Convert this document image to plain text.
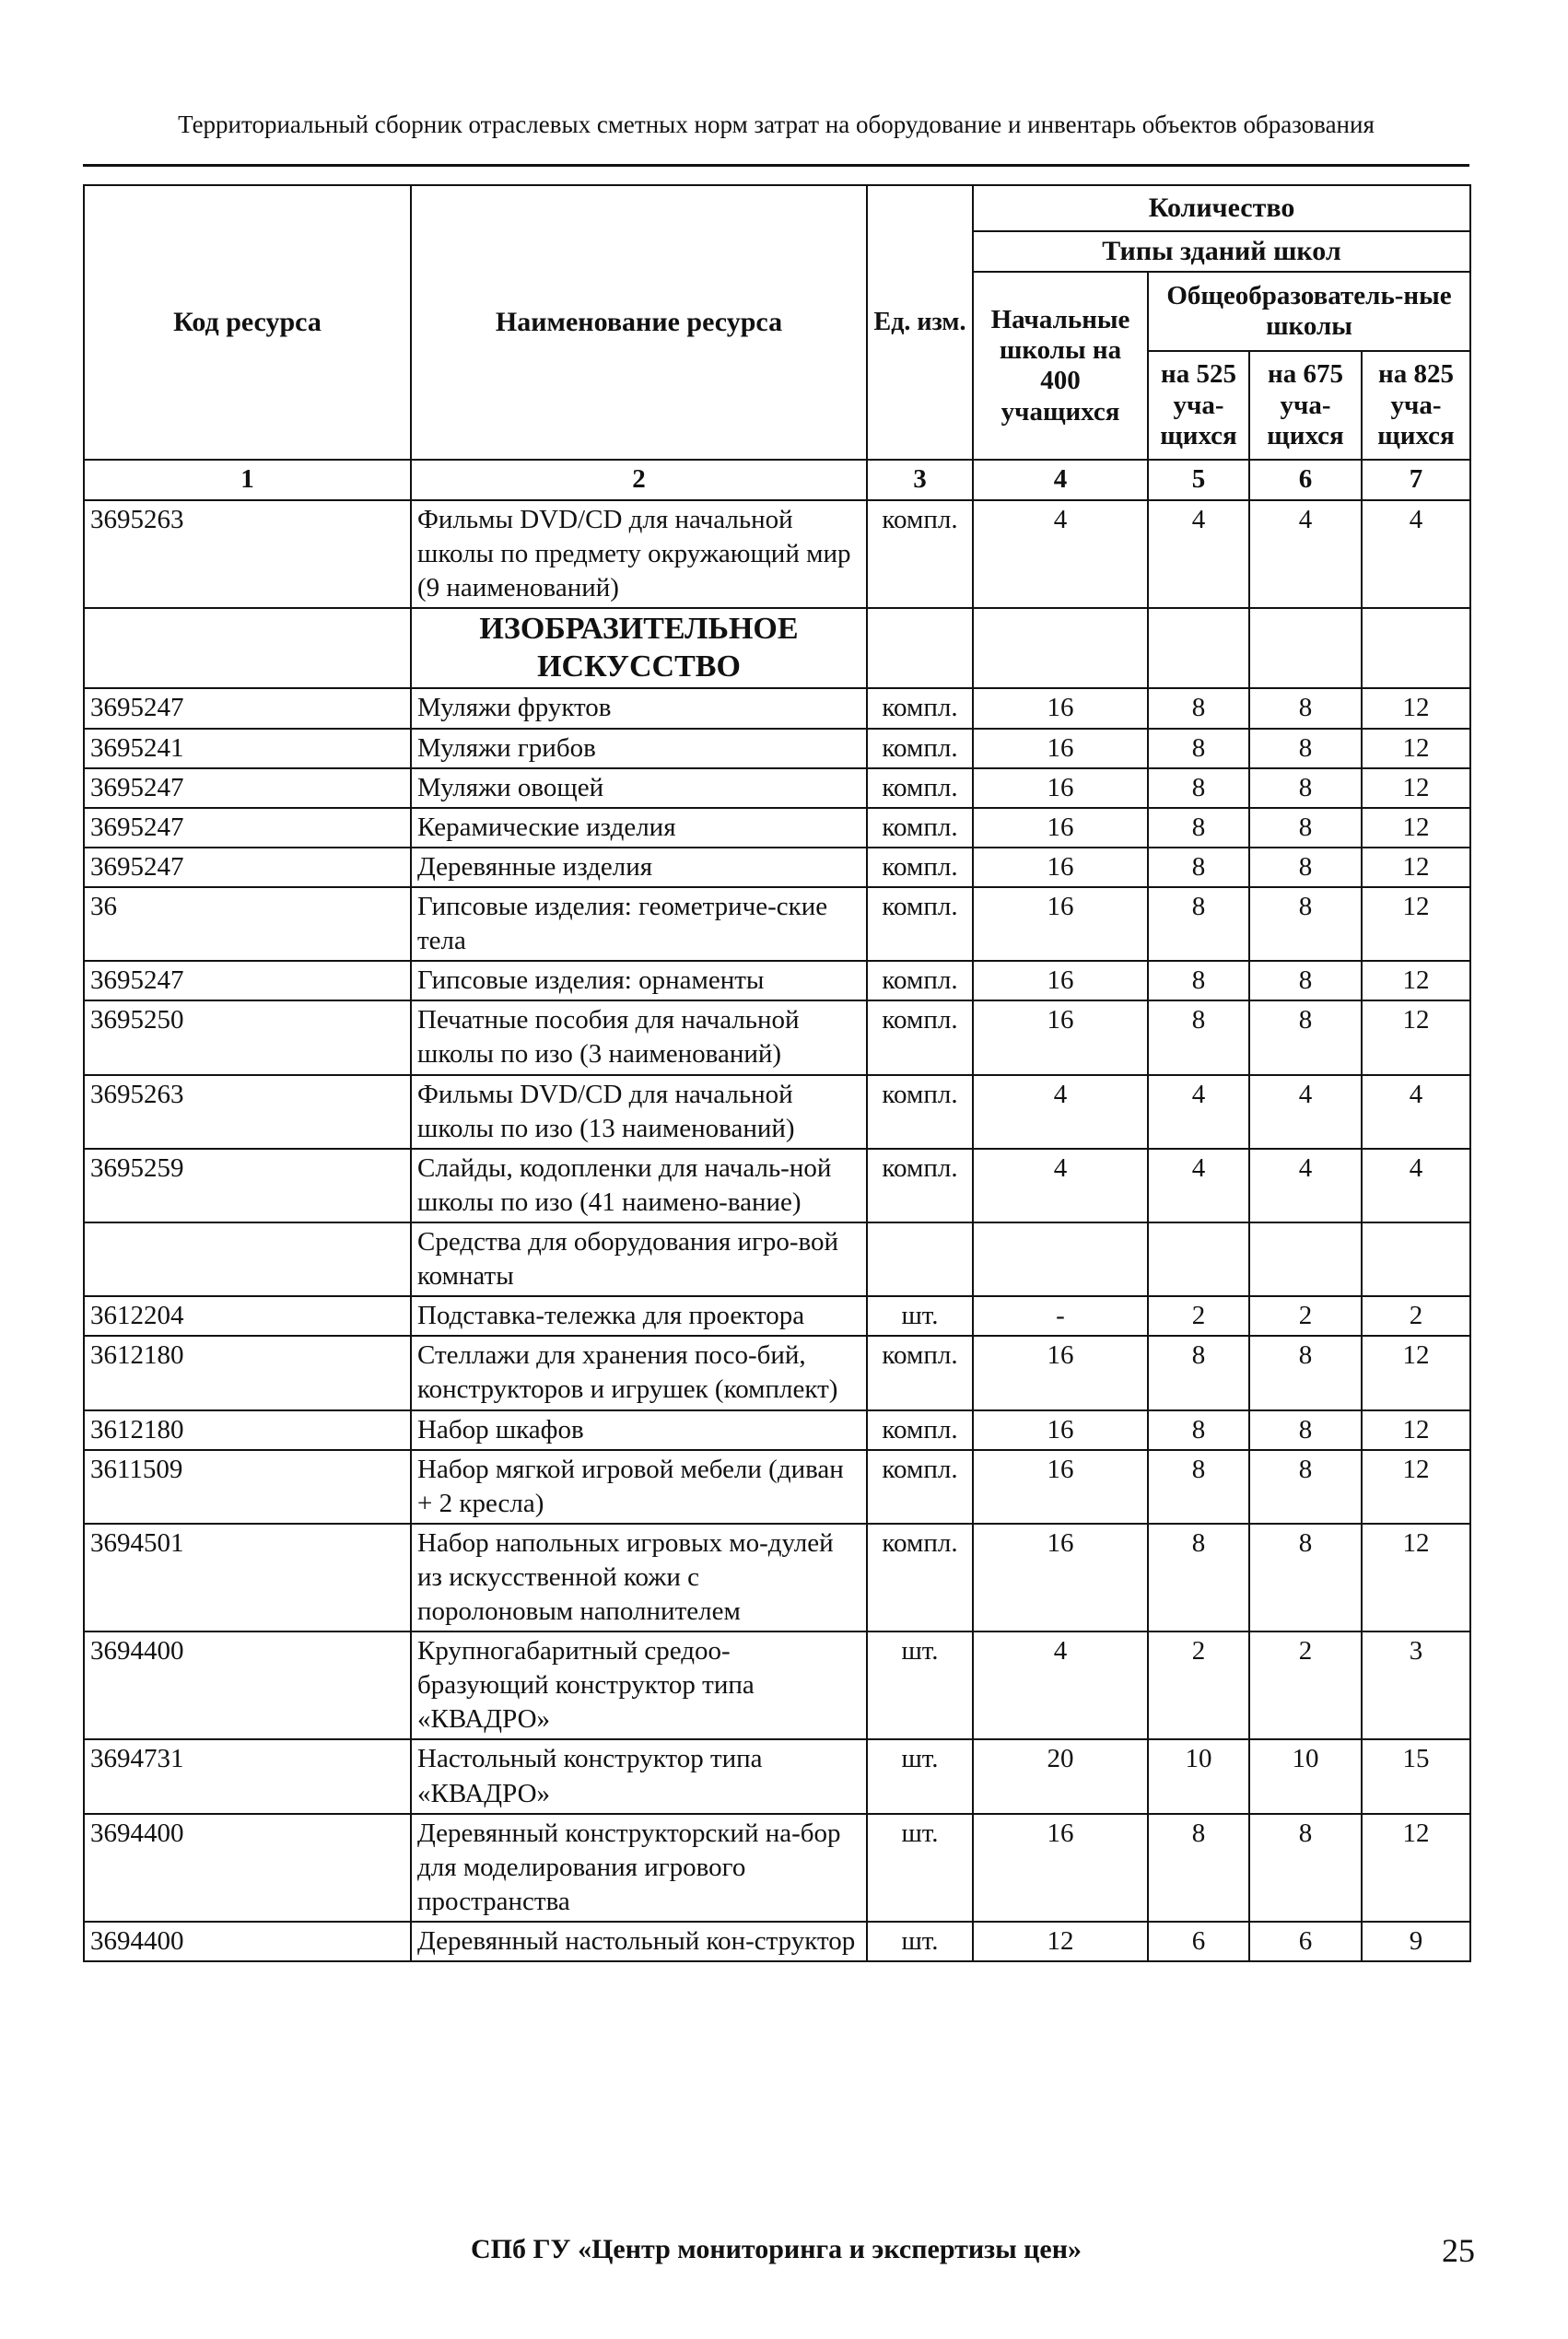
Территориальный сборник отраслевых сметных норм затрат на оборудование и инвентарь объектов образования
Код ресурса	Наименование ресурса	Ед. изм.	Количество			
			Типы зданий школ			
			Начальные школы на 400 учащихся	Общеобразователь-ные школы		
				на 525 уча-щихся	на 675 уча-щихся	на 825 уча-щихся
1	2	3	4	5	6	7
3695263	Фильмы DVD/CD для начальной школы по предмету окружающий мир (9 наименований)	компл.	4	4	4	4
	ИЗОБРАЗИТЕЛЬНОЕ ИСКУССТВО					
3695247	Муляжи фруктов	компл.	16	8	8	12
3695241	Муляжи грибов	компл.	16	8	8	12
3695247	Муляжи овощей	компл.	16	8	8	12
3695247	Керамические изделия	компл.	16	8	8	12
3695247	Деревянные изделия	компл.	16	8	8	12
36	Гипсовые изделия: геометриче-ские тела	компл.	16	8	8	12
3695247	Гипсовые изделия: орнаменты	компл.	16	8	8	12
3695250	Печатные пособия для начальной школы по изо (3 наименований)	компл.	16	8	8	12
3695263	Фильмы DVD/CD для начальной школы по изо (13 наименований)	компл.	4	4	4	4
3695259	Слайды, кодопленки для началь-ной школы по изо (41 наимено-вание)	компл.	4	4	4	4
	Средства для оборудования игро-вой комнаты					
3612204	Подставка-тележка для проектора	шт.	-	2	2	2
3612180	Стеллажи для хранения посо-бий, конструкторов и игрушек (комплект)	компл.	16	8	8	12
3612180	Набор шкафов	компл.	16	8	8	12
3611509	Набор мягкой игровой мебели (диван + 2 кресла)	компл.	16	8	8	12
3694501	Набор напольных игровых мо-дулей из искусственной кожи с поролоновым наполнителем	компл.	16	8	8	12
3694400	Крупногабаритный средоо-бразующий конструктор типа «КВАДРО»	шт.	4	2	2	3
3694731	Настольный конструктор типа «КВАДРО»	шт.	20	10	10	15
3694400	Деревянный конструкторский на-бор для моделирования игрового пространства	шт.	16	8	8	12
3694400	Деревянный настольный кон-структор	шт.	12	6	6	9
СПб ГУ «Центр мониторинга и экспертизы цен»	25
